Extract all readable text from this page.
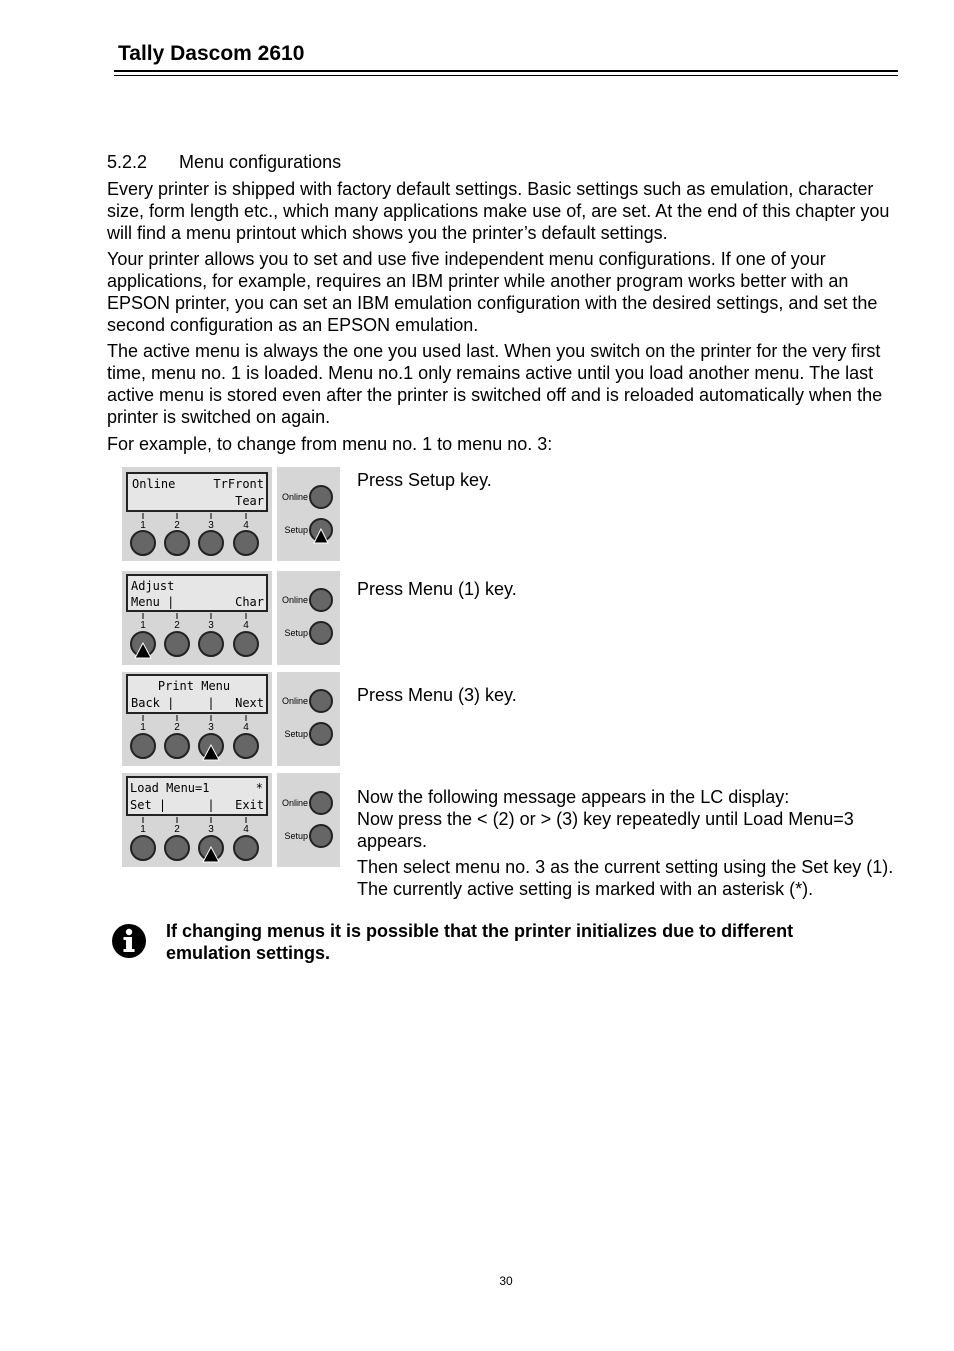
Tally Dascom 2610
5.2.2 Menu configurations
Every printer is shipped with factory default settings. Basic settings such as emulation, character size, form length etc., which many applications make use of, are set. At the end of this chapter you will find a menu printout which shows you the printer’s default settings.
Your printer allows you to set and use five independent menu configurations. If one of your applications, for example, requires an IBM printer while another program works better with an EPSON printer, you can set an IBM emulation configuration with the desired settings, and set the second configuration as an EPSON emulation.
The active menu is always the one you used last. When you switch on the printer for the very first time, menu no. 1 is loaded. Menu no.1 only remains active until you load another menu. The last active menu is stored even after the printer is switched off and is reloaded automatically when the printer is switched on again.
For example, to change from menu no. 1 to menu no. 3:
Online	TrFront
Tear
1	2	3	4
Online
Setup
Adjust
Menu |	Char
1	2	3	4
Online
Setup
Print Menu
Back |	| Next
1	2	3	4
Online
Setup
Load Menu=1	*
Set |	| Exit
1	2	3	4
Online
Setup
Press Setup key.
Press Menu (1) key.
Press Menu (3) key.
Now the following message appears in the LC display:
Now press the < (2) or > (3) key repeatedly until Load Menu=3 appears.
Then select menu no. 3 as the current setting using the Set key (1). The currently active setting is marked with an asterisk (*).
If changing menus it is possible that the printer initializes due to different emulation settings.
30
